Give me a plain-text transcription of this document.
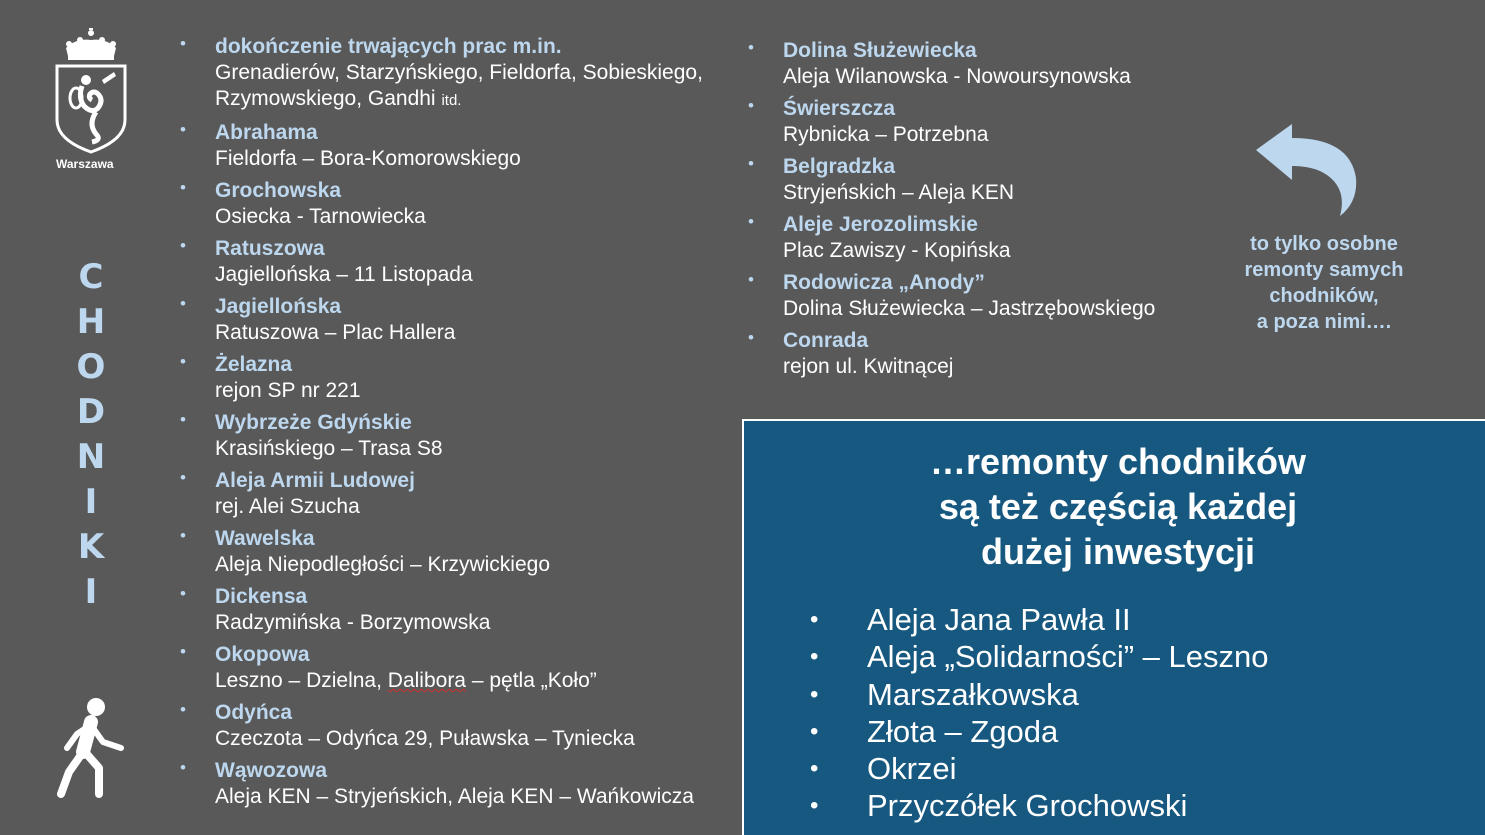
Warszawa
C
H
O
D
N
I
K
I
• dokończenie trwających prac m.in.
Grenadierów, Starzyńskiego, Fieldorfa, Sobieskiego, Rzymowskiego, Gandhi itd.
• Abrahama
Fieldorfa – Bora-Komorowskiego
• Grochowska
Osiecka - Tarnowiecka
• Ratuszowa
Jagiellońska – 11 Listopada
• Jagiellońska
Ratuszowa – Plac Hallera
• Żelazna
rejon SP nr 221
• Wybrzeże Gdyńskie
Krasińskiego – Trasa S8
• Aleja Armii Ludowej
rej. Alei Szucha
• Wawelska
Aleja Niepodległości – Krzywickiego
• Dickensa
Radzymińska - Borzymowska
• Okopowa
Leszno – Dzielna, Dalibora – pętla „Koło”
• Odyńca
Czeczota – Odyńca 29, Puławska – Tyniecka
• Wąwozowa
Aleja KEN – Stryjeńskich, Aleja KEN – Wańkowicza
• Dolina Służewiecka
Aleja Wilanowska - Nowoursynowska
• Świerszcza
Rybnicka – Potrzebna
• Belgradzka
Stryjeńskich – Aleja KEN
• Aleje Jerozolimskie
Plac Zawiszy - Kopińska
• Rodowicza „Anody”
Dolina Służewiecka – Jastrzębowskiego
• Conrada
rejon ul. Kwitnącej
to tylko osobne
remonty samych
chodników,
a poza nimi….
…remonty chodników
są też częścią każdej
dużej inwestycji
• Aleja Jana Pawła II
• Aleja „Solidarności” – Leszno
• Marszałkowska
• Złota – Zgoda
• Okrzei
• Przyczółek Grochowski
